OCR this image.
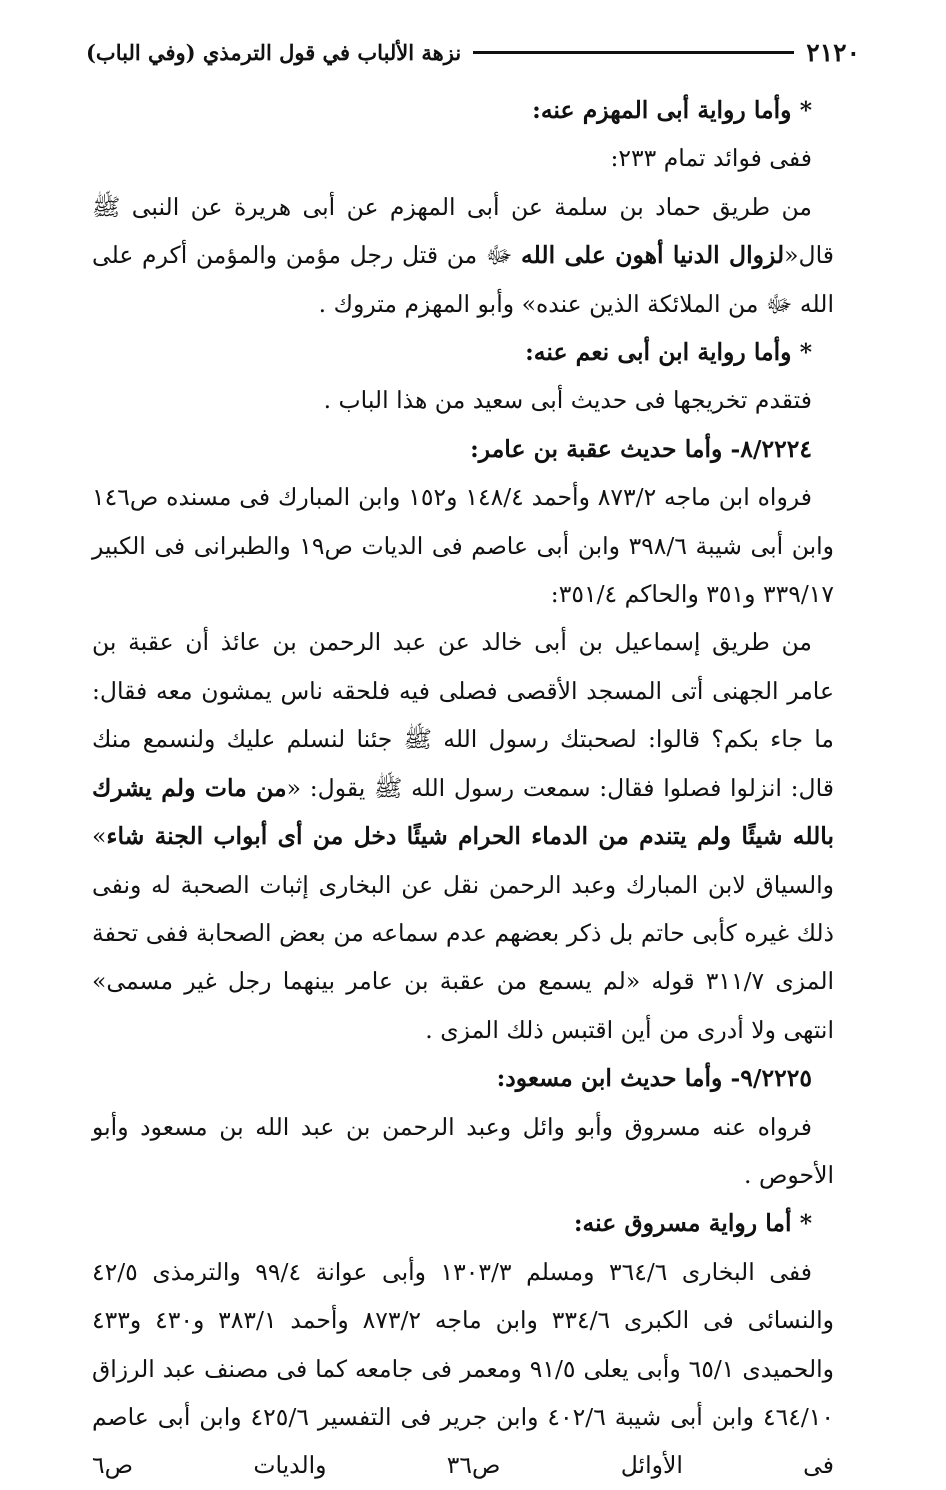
٢١٢٠
نزهة الألباب في قول الترمذي (وفي الباب)

* وأما رواية أبى المهزم عنه:

ففى فوائد تمام ٢٣٣:

من طريق حماد بن سلمة عن أبى المهزم عن أبى هريرة عن النبى ﷺ قال«لزوال الدنيا أهون على الله ﷻ من قتل رجل مؤمن والمؤمن أكرم على الله ﷻ من الملائكة الذين عنده» وأبو المهزم متروك .

* وأما رواية ابن أبى نعم عنه:

فتقدم تخريجها فى حديث أبى سعيد من هذا الباب .

٨/٢٢٢٤- وأما حديث عقبة بن عامر:

فرواه ابن ماجه ٨٧٣/٢ وأحمد ١٤٨/٤ و١٥٢ وابن المبارك فى مسنده ص١٤٦ وابن أبى شيبة ٣٩٨/٦ وابن أبى عاصم فى الديات ص١٩ والطبرانى فى الكبير ٣٣٩/١٧ و٣٥١ والحاكم ٣٥١/٤:

من طريق إسماعيل بن أبى خالد عن عبد الرحمن بن عائذ أن عقبة بن عامر الجهنى أتى المسجد الأقصى فصلى فيه فلحقه ناس يمشون معه فقال: ما جاء بكم؟ قالوا: لصحبتك رسول الله ﷺ جئنا لنسلم عليك ولنسمع منك قال: انزلوا فصلوا فقال: سمعت رسول الله ﷺ يقول: «من مات ولم يشرك بالله شيئًا ولم يتندم من الدماء الحرام شيئًا دخل من أى أبواب الجنة شاء» والسياق لابن المبارك وعبد الرحمن نقل عن البخارى إثبات الصحبة له ونفى ذلك غيره كأبى حاتم بل ذكر بعضهم عدم سماعه من بعض الصحابة ففى تحفة المزى ٣١١/٧ قوله «لم يسمع من عقبة بن عامر بينهما رجل غير مسمى» انتهى ولا أدرى من أين اقتبس ذلك المزى .

٩/٢٢٢٥- وأما حديث ابن مسعود:

فرواه عنه مسروق وأبو وائل وعبد الرحمن بن عبد الله بن مسعود وأبو الأحوص .

* أما رواية مسروق عنه:

ففى البخارى ٣٦٤/٦ ومسلم ١٣٠٣/٣ وأبى عوانة ٩٩/٤ والترمذى ٤٢/٥ والنسائى فى الكبرى ٣٣٤/٦ وابن ماجه ٨٧٣/٢ وأحمد ٣٨٣/١ و٤٣٠ و٤٣٣ والحميدى ٦٥/١ وأبى يعلى ٩١/٥ ومعمر فى جامعه كما فى مصنف عبد الرزاق ٤٦٤/١٠ وابن أبى شيبة ٤٠٢/٦ وابن جرير فى التفسير ٤٢٥/٦ وابن أبى عاصم فى الأوائل ص٣٦ والديات ص٦
